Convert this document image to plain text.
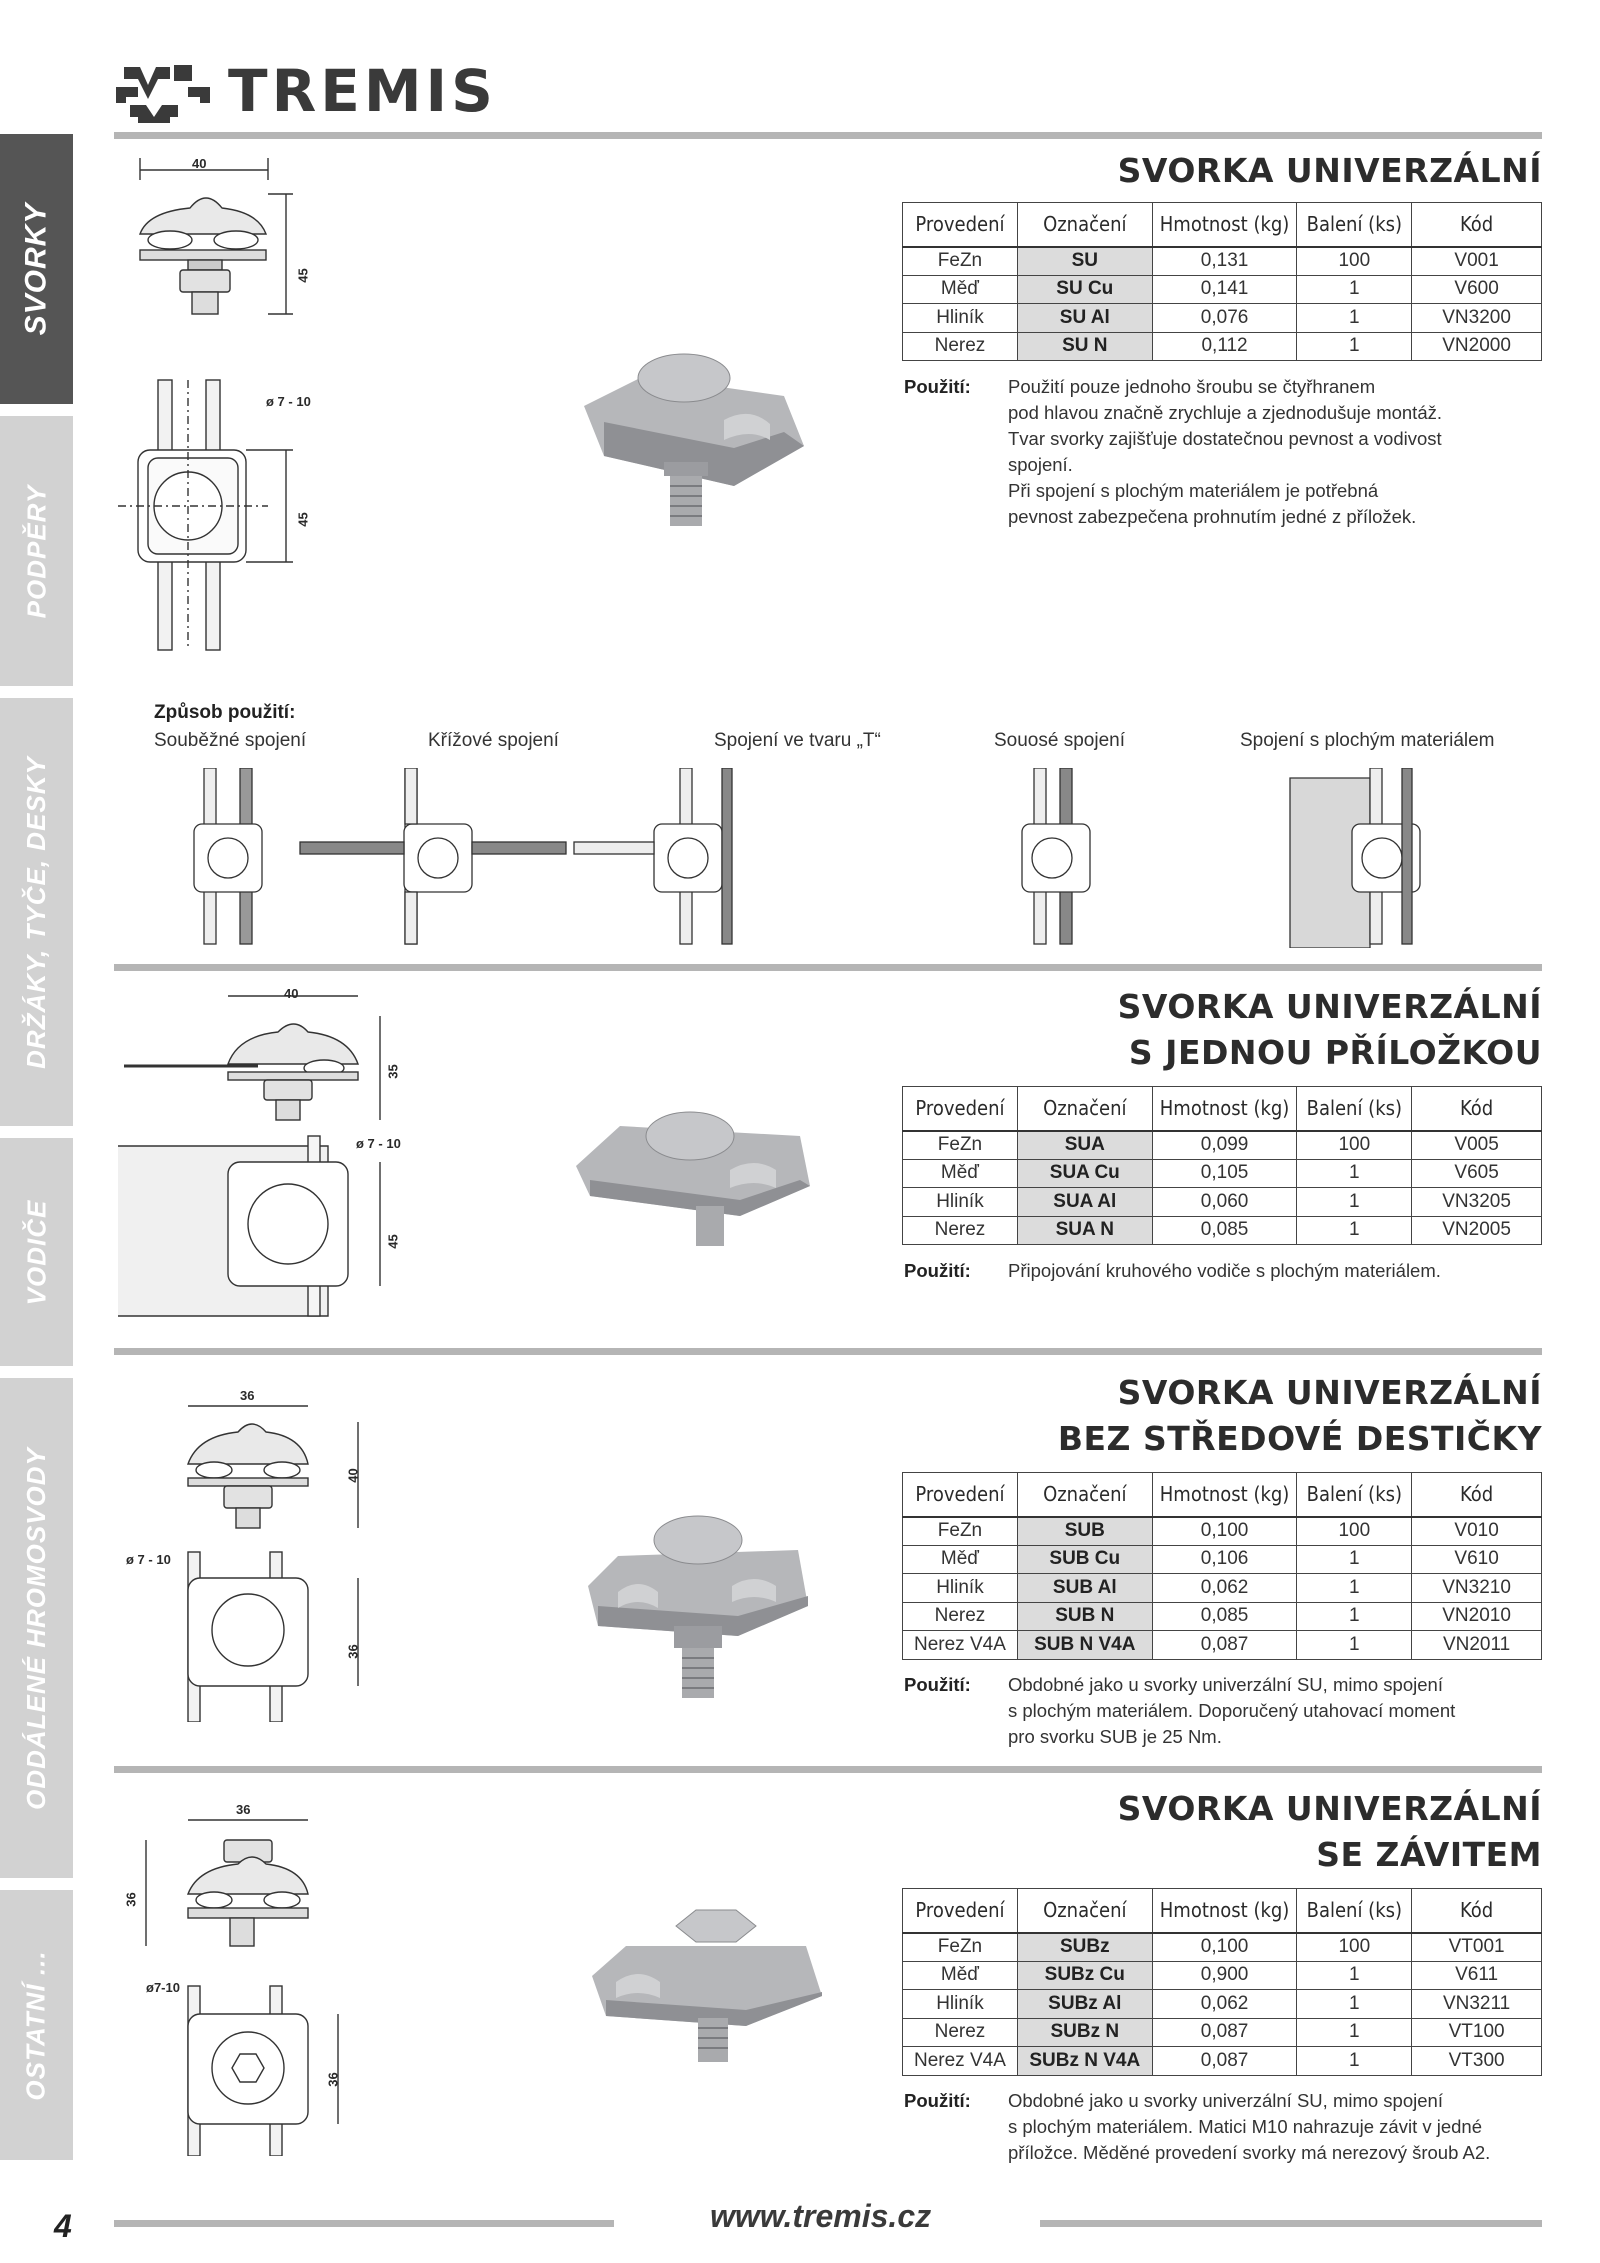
TREMIS
SVORKY
PODPĚRY
DRŽÁKY, TYČE, DESKY
VODIČE
ODDÁLENÉ HROMOSVODY
OSTATNÍ ...
SVORKA UNIVERZÁLNÍ
40
45
ø 7 - 10
45
Provedení	Označení	Hmotnost (kg)	Balení (ks)	Kód
FeZn	SU	0,131	100	V001
Měď	SU Cu	0,141	1	V600
Hliník	SU Al	0,076	1	VN3200
Nerez	SU N	0,112	1	VN2000
Použití: Použití pouze jednoho šroubu se čtyřhranem
pod hlavou značně zrychluje a zjednodušuje montáž.
Tvar svorky zajišťuje dostatečnou pevnost a vodivost
spojení.
Při spojení s plochým materiálem je potřebná
pevnost zabezpečena prohnutím jedné z příložek.
Způsob použití:
Souběžné spojení	Křížové spojení	Spojení ve tvaru „T“	Souosé spojení	Spojení s plochým materiálem
SVORKA UNIVERZÁLNÍ
S JEDNOU PŘÍLOŽKOU
40
35
ø 7 - 10
45
Provedení	Označení	Hmotnost (kg)	Balení (ks)	Kód
FeZn	SUA	0,099	100	V005
Měď	SUA Cu	0,105	1	V605
Hliník	SUA Al	0,060	1	VN3205
Nerez	SUA N	0,085	1	VN2005
Použití: Připojování kruhového vodiče s plochým materiálem.
SVORKA UNIVERZÁLNÍ
BEZ STŘEDOVÉ DESTIČKY
36
40
ø 7 - 10
36
Provedení	Označení	Hmotnost (kg)	Balení (ks)	Kód
FeZn	SUB	0,100	100	V010
Měď	SUB Cu	0,106	1	V610
Hliník	SUB Al	0,062	1	VN3210
Nerez	SUB N	0,085	1	VN2010
Nerez V4A	SUB N V4A	0,087	1	VN2011
Použití: Obdobné jako u svorky univerzální SU, mimo spojení
s plochým materiálem. Doporučený utahovací moment
pro svorku SUB je 25 Nm.
SVORKA UNIVERZÁLNÍ
SE ZÁVITEM
36
36
ø7-10
36
Provedení	Označení	Hmotnost (kg)	Balení (ks)	Kód
FeZn	SUBz	0,100	100	VT001
Měď	SUBz Cu	0,900	1	V611
Hliník	SUBz Al	0,062	1	VN3211
Nerez	SUBz N	0,087	1	VT100
Nerez V4A	SUBz N V4A	0,087	1	VT300
Použití: Obdobné jako u svorky univerzální SU, mimo spojení
s plochým materiálem. Matici M10 nahrazuje závit v jedné
příložce. Měděné provedení svorky má nerezový šroub A2.
4	www.tremis.cz
